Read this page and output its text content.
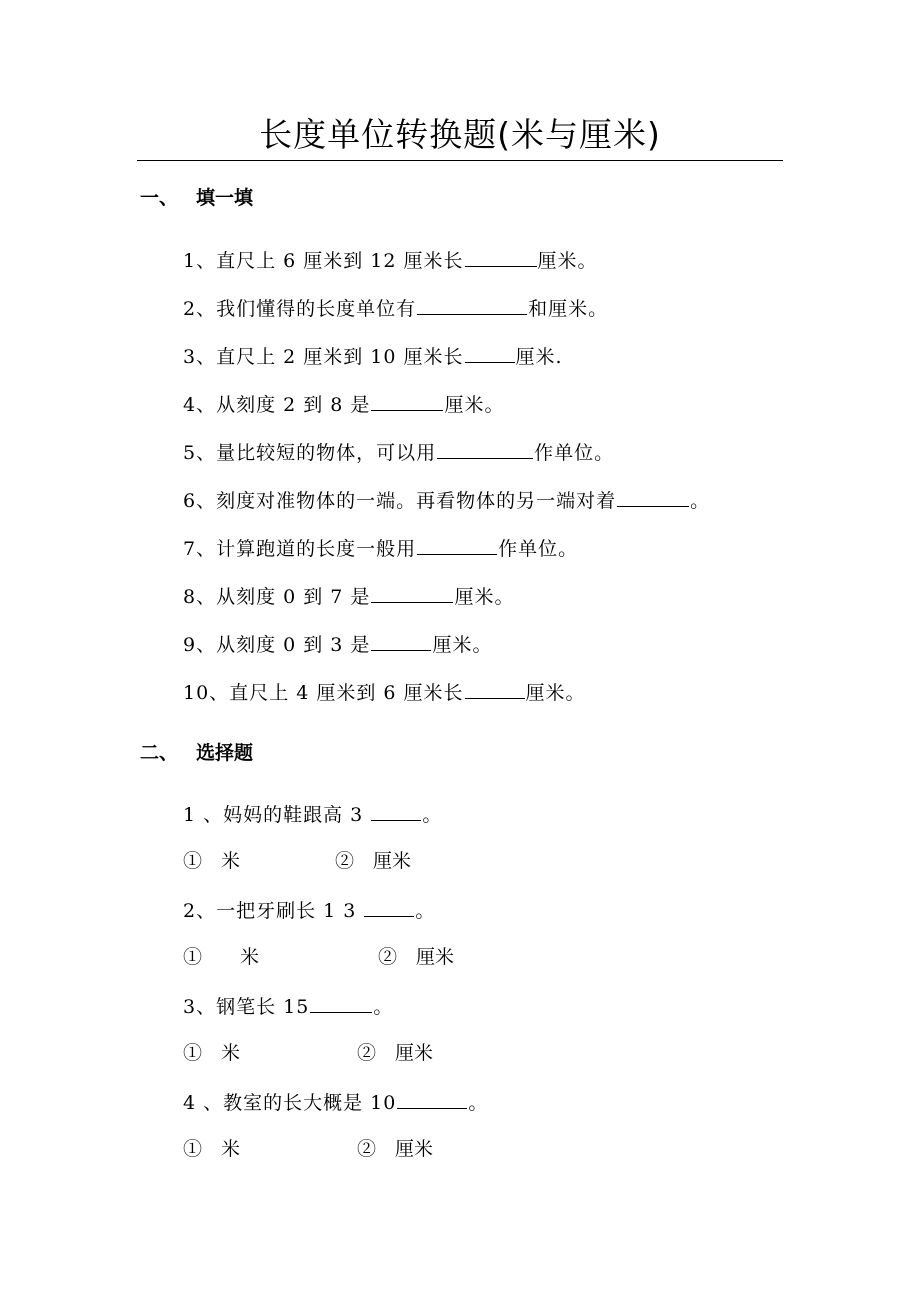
长度单位转换题(米与厘米)
一、 填一填
1、直尺上 6 厘米到 12 厘米长	厘米。
2、我们懂得的长度单位有	和厘米。
3、直尺上 2 厘米到 10 厘米长	厘米.
4、从刻度 2 到 8 是	厘米。
5、量比较短的物体，可以用	作单位。
6、刻度对准物体的一端。再看物体的另一端对着	。
7、计算跑道的长度一般用	作单位。
8、从刻度 0 到 7 是	厘米。
9、从刻度 0 到 3 是	厘米。
10、直尺上 4 厘米到 6 厘米长	厘米。
二、 选择题
1 、妈妈的鞋跟高 3	。
①　米	②　厘米
2、一把牙刷长 1 3	。
①　　米	②　厘米
3、钢笔长 15	。
①　米	②　厘米
4 、教室的长大概是 10	。
①　米	②　厘米
